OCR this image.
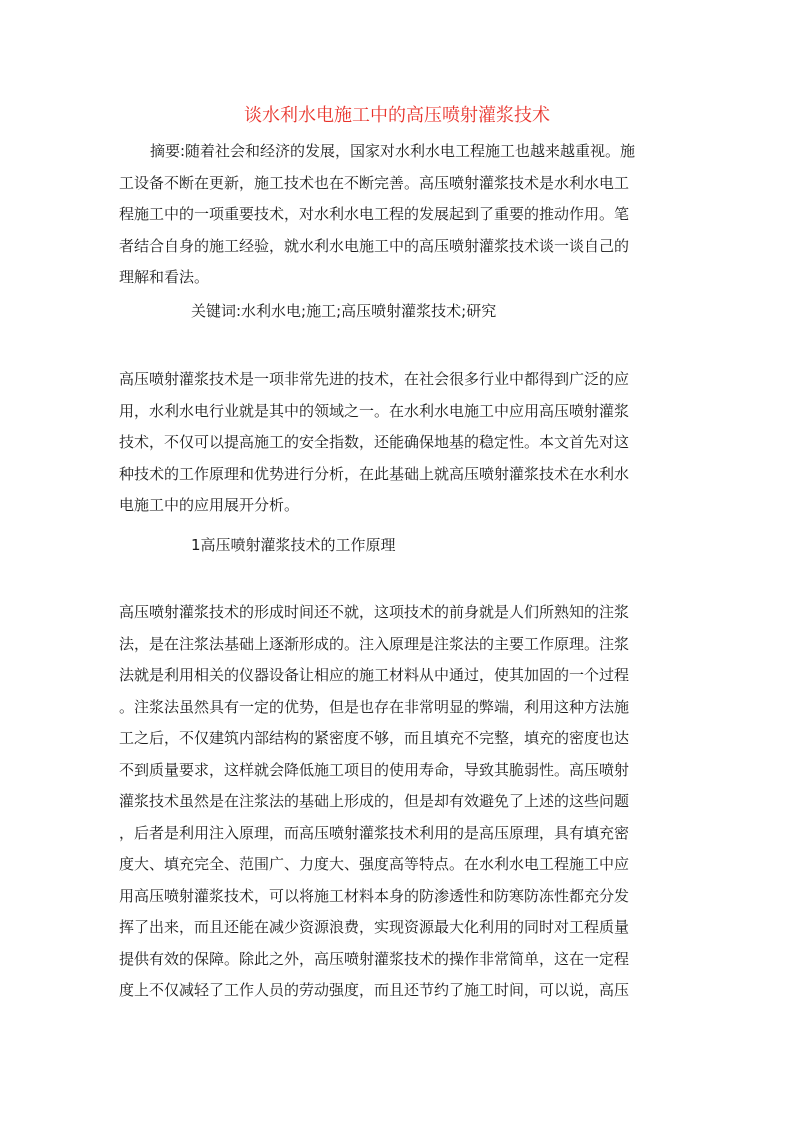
谈水利水电施工中的高压喷射灌浆技术
摘要:随着社会和经济的发展，国家对水利水电工程施工也越来越重视。施
工设备不断在更新，施工技术也在不断完善。高压喷射灌浆技术是水利水电工
程施工中的一项重要技术，对水利水电工程的发展起到了重要的推动作用。笔
者结合自身的施工经验，就水利水电施工中的高压喷射灌浆技术谈一谈自己的
理解和看法。
关键词:水利水电;施工;高压喷射灌浆技术;研究
高压喷射灌浆技术是一项非常先进的技术，在社会很多行业中都得到广泛的应
用，水利水电行业就是其中的领域之一。在水利水电施工中应用高压喷射灌浆
技术，不仅可以提高施工的安全指数，还能确保地基的稳定性。本文首先对这
种技术的工作原理和优势进行分析，在此基础上就高压喷射灌浆技术在水利水
电施工中的应用展开分析。
1高压喷射灌浆技术的工作原理
高压喷射灌浆技术的形成时间还不就，这项技术的前身就是人们所熟知的注浆
法，是在注浆法基础上逐渐形成的。注入原理是注浆法的主要工作原理。注浆
法就是利用相关的仪器设备让相应的施工材料从中通过，使其加固的一个过程
。注浆法虽然具有一定的优势，但是也存在非常明显的弊端，利用这种方法施
工之后，不仅建筑内部结构的紧密度不够，而且填充不完整，填充的密度也达
不到质量要求，这样就会降低施工项目的使用寿命，导致其脆弱性。高压喷射
灌浆技术虽然是在注浆法的基础上形成的，但是却有效避免了上述的这些问题
，后者是利用注入原理，而高压喷射灌浆技术利用的是高压原理，具有填充密
度大、填充完全、范围广、力度大、强度高等特点。在水利水电工程施工中应
用高压喷射灌浆技术，可以将施工材料本身的防渗透性和防寒防冻性都充分发
挥了出来，而且还能在减少资源浪费，实现资源最大化利用的同时对工程质量
提供有效的保障。除此之外，高压喷射灌浆技术的操作非常简单，这在一定程
度上不仅减轻了工作人员的劳动强度，而且还节约了施工时间，可以说，高压
